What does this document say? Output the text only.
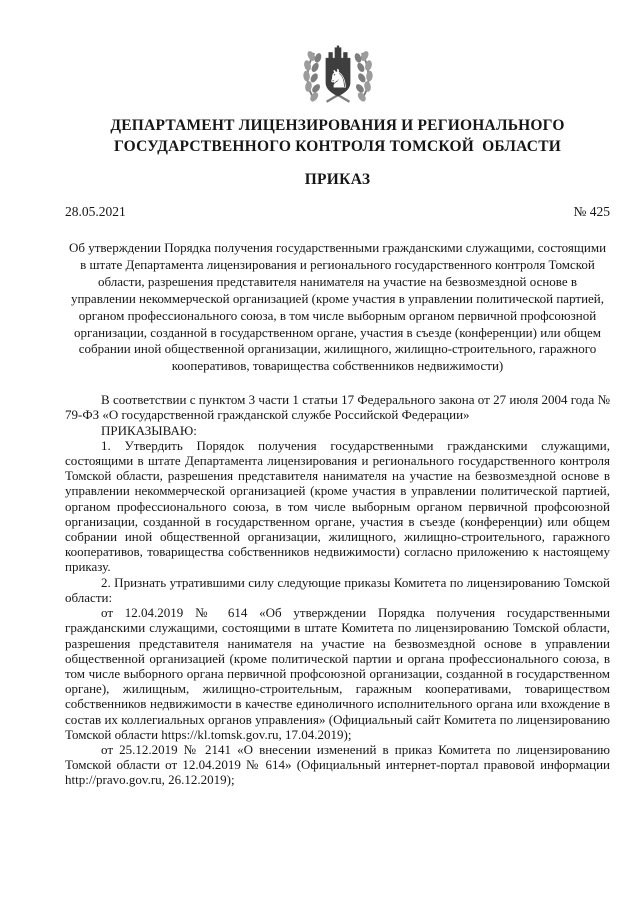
♞
ДЕПАРТАМЕНТ ЛИЦЕНЗИРОВАНИЯ И РЕГИОНАЛЬНОГО
ГОСУДАРСТВЕННОГО КОНТРОЛЯ ТОМСКОЙ  ОБЛАСТИ
ПРИКАЗ
28.05.2021	№ 425
Об утверждении Порядка получения государственными гражданскими служащими, состоящими в штате Департамента лицензирования и регионального государственного контроля Томской области, разрешения представителя нанимателя на участие на безвозмездной основе в управлении некоммерческой организацией (кроме участия в управлении политической партией, органом профессионального союза, в том числе выборным органом первичной профсоюзной организации, созданной в государственном органе, участия в съезде (конференции) или общем собрании иной общественной организации, жилищного, жилищно-строительного, гаражного кооперативов, товарищества собственников недвижимости)

В соответствии с пунктом 3 части 1 статьи 17 Федерального закона от 27 июля 2004 года № 79-ФЗ «О государственной гражданской службе Российской Федерации»

ПРИКАЗЫВАЮ:

1. Утвердить Порядок получения государственными гражданскими служащими, состоящими в штате Департамента лицензирования и регионального государственного контроля Томской области, разрешения представителя нанимателя на участие на безвозмездной основе в управлении некоммерческой организацией (кроме участия в управлении политической партией, органом профессионального союза, в том числе выборным органом первичной профсоюзной организации, созданной в государственном органе, участия в съезде (конференции) или общем собрании иной общественной организации, жилищного, жилищно-строительного, гаражного кооперативов, товарищества собственников недвижимости) согласно приложению к настоящему приказу.

2. Признать утратившими силу следующие приказы Комитета по лицензированию Томской области:

от 12.04.2019 № 614 «Об утверждении Порядка получения государственными гражданскими служащими, состоящими в штате Комитета по лицензированию Томской области, разрешения представителя нанимателя на участие на безвозмездной основе в управлении общественной организацией (кроме политической партии и органа профессионального союза, в том числе выборного органа первичной профсоюзной организации, созданной в государственном органе), жилищным, жилищно-строительным, гаражным кооперативами, товариществом собственников недвижимости в качестве единоличного исполнительного органа или вхождение в состав их коллегиальных органов управления» (Официальный сайт Комитета по лицензированию Томской области https://kl.tomsk.gov.ru, 17.04.2019);

от 25.12.2019 № 2141 «О внесении изменений в приказ Комитета по лицензированию Томской области от 12.04.2019 № 614» (Официальный интернет-портал правовой информации http://pravo.gov.ru, 26.12.2019);
